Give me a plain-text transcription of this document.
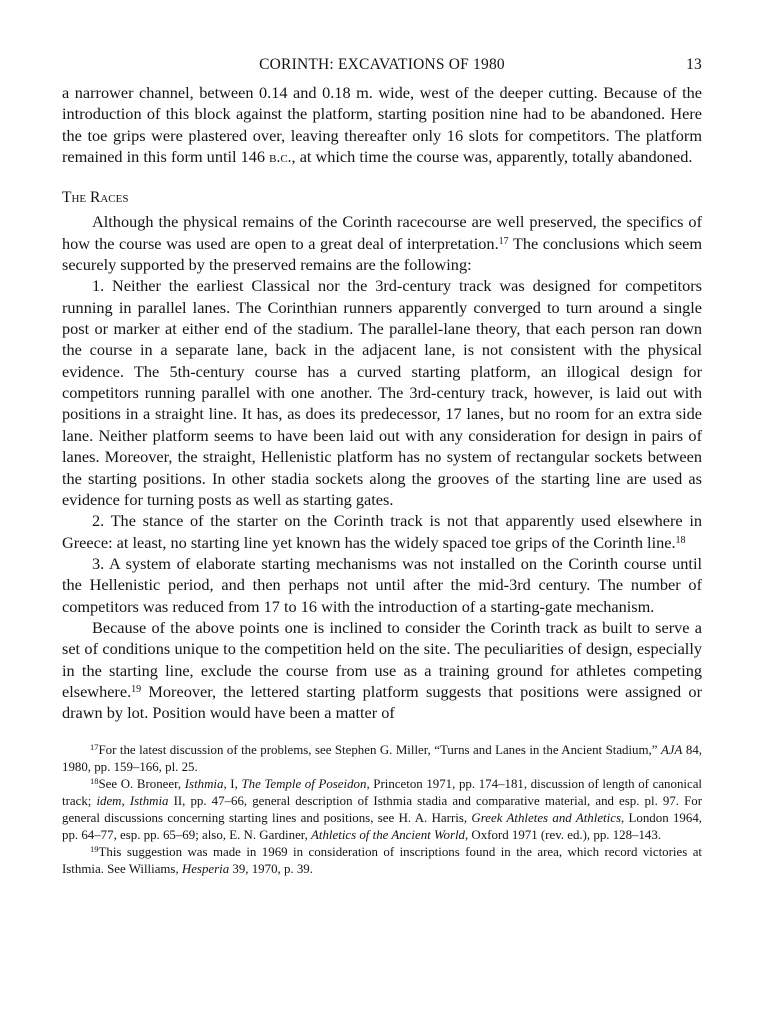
CORINTH: EXCAVATIONS OF 1980	13

a narrower channel, between 0.14 and 0.18 m. wide, west of the deeper cutting. Because of the introduction of this block against the platform, starting position nine had to be abandoned. Here the toe grips were plastered over, leaving thereafter only 16 slots for competitors. The platform remained in this form until 146 b.c., at which time the course was, apparently, totally abandoned.

The Races

Although the physical remains of the Corinth racecourse are well preserved, the specifics of how the course was used are open to a great deal of interpretation.$^{17}$ The conclusions which seem securely supported by the preserved remains are the following:

1. Neither the earliest Classical nor the 3rd-century track was designed for competitors running in parallel lanes. The Corinthian runners apparently converged to turn around a single post or marker at either end of the stadium. The parallel-lane theory, that each person ran down the course in a separate lane, back in the adjacent lane, is not consistent with the physical evidence. The 5th-century course has a curved starting platform, an illogical design for competitors running parallel with one another. The 3rd-century track, however, is laid out with positions in a straight line. It has, as does its predecessor, 17 lanes, but no room for an extra side lane. Neither platform seems to have been laid out with any consideration for design in pairs of lanes. Moreover, the straight, Hellenistic platform has no system of rectangular sockets between the starting positions. In other stadia sockets along the grooves of the starting line are used as evidence for turning posts as well as starting gates.

2. The stance of the starter on the Corinth track is not that apparently used elsewhere in Greece: at least, no starting line yet known has the widely spaced toe grips of the Corinth line.$^{18}$

3. A system of elaborate starting mechanisms was not installed on the Corinth course until the Hellenistic period, and then perhaps not until after the mid-3rd century. The number of competitors was reduced from 17 to 16 with the introduction of a starting-gate mechanism.

Because of the above points one is inclined to consider the Corinth track as built to serve a set of conditions unique to the competition held on the site. The peculiarities of design, especially in the starting line, exclude the course from use as a training ground for athletes competing elsewhere.$^{19}$ Moreover, the lettered starting platform suggests that positions were assigned or drawn by lot. Position would have been a matter of

$^{17}$For the latest discussion of the problems, see Stephen G. Miller, “Turns and Lanes in the Ancient Stadium,” AJA 84, 1980, pp. 159–166, pl. 25.

$^{18}$See O. Broneer, Isthmia, I, The Temple of Poseidon, Princeton 1971, pp. 174–181, discussion of length of canonical track; idem, Isthmia II, pp. 47–66, general description of Isthmia stadia and comparative material, and esp. pl. 97. For general discussions concerning starting lines and positions, see H. A. Harris, Greek Athletes and Athletics, London 1964, pp. 64–77, esp. pp. 65–69; also, E. N. Gardiner, Athletics of the Ancient World, Oxford 1971 (rev. ed.), pp. 128–143.

$^{19}$This suggestion was made in 1969 in consideration of inscriptions found in the area, which record victories at Isthmia. See Williams, Hesperia 39, 1970, p. 39.
